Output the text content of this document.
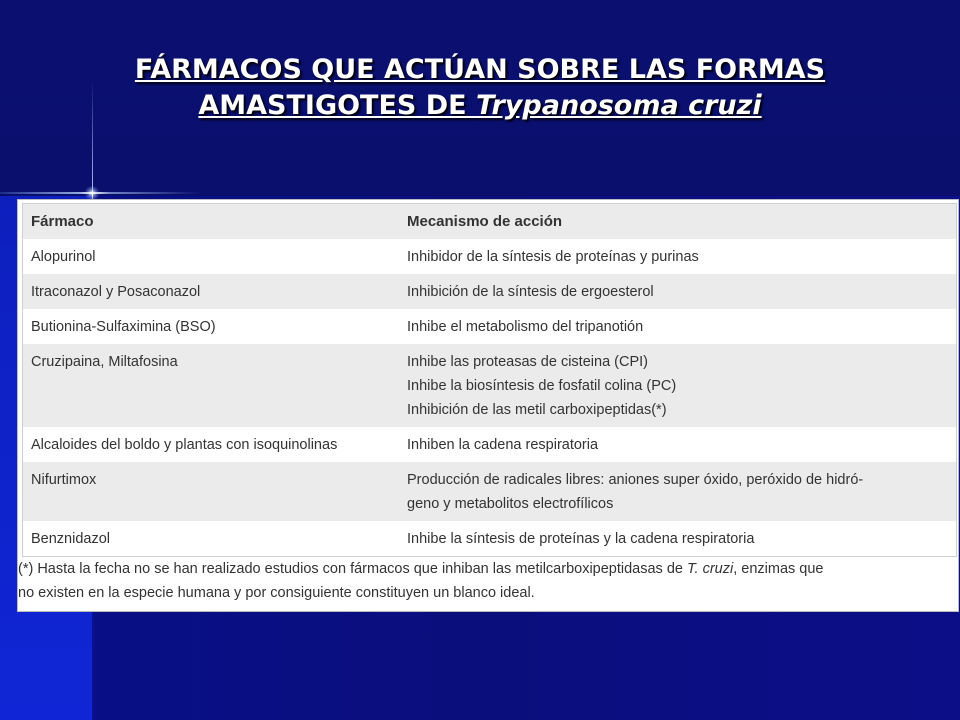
FÁRMACOS QUE ACTÚAN SOBRE LAS FORMAS
AMASTIGOTES DE Trypanosoma cruzi
Fármaco	Mecanismo de acción
Alopurinol	Inhibidor de la síntesis de proteínas y purinas
Itraconazol y Posaconazol	Inhibición de la síntesis de ergoesterol
Butionina-Sulfaximina (BSO)	Inhibe el metabolismo del tripanotión
Cruzipaina, Miltafosina	Inhibe las proteasas de cisteina (CPI)
Inhibe la biosíntesis de fosfatil colina (PC)
Inhibición de las metil carboxipeptidas(*)
Alcaloides del boldo y plantas con isoquinolinas	Inhiben la cadena respiratoria
Nifurtimox	Producción de radicales libres: aniones super óxido, peróxido de hidró-
geno y metabolitos electrofílicos
Benznidazol	Inhibe la síntesis de proteínas y la cadena respiratoria
(*) Hasta la fecha no se han realizado estudios con fármacos que inhiban las metilcarboxipeptidasas de T. cruzi, enzimas que
no existen en la especie humana y por consiguiente constituyen un blanco ideal.
